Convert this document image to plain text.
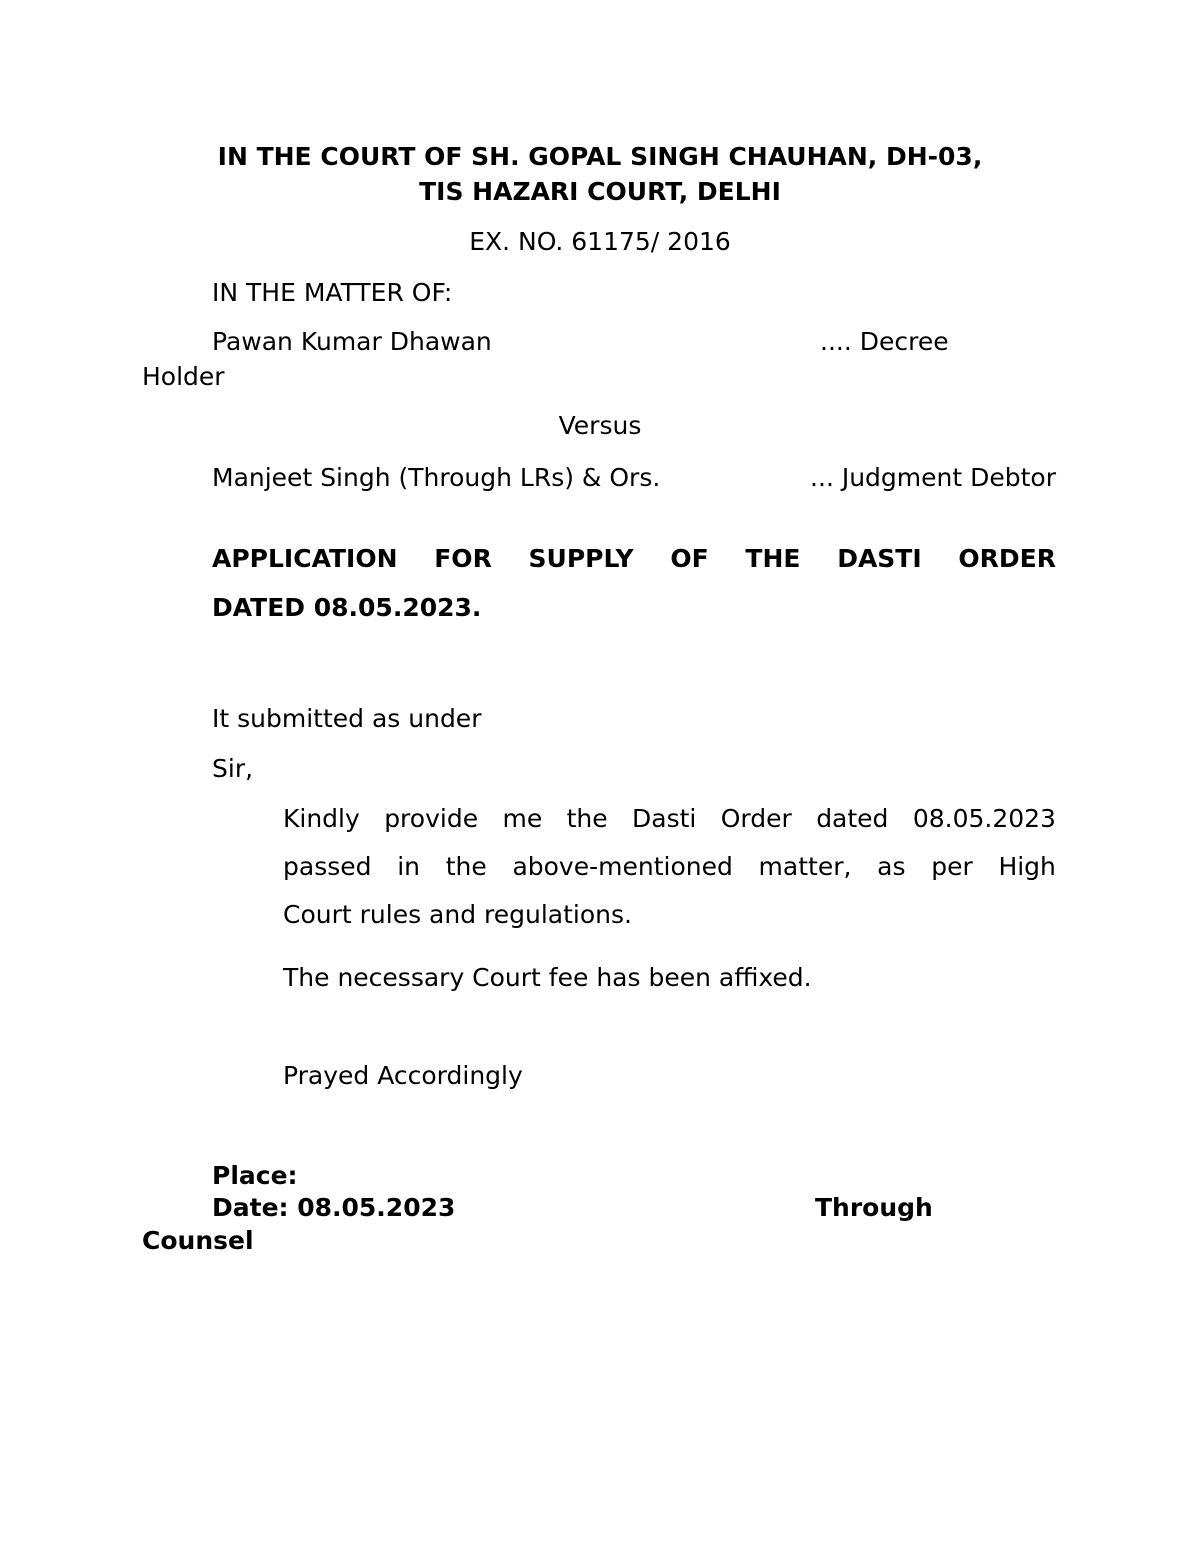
IN THE COURT OF SH. GOPAL SINGH CHAUHAN, DH-03,
TIS HAZARI COURT, DELHI
EX. NO. 61175/ 2016
IN THE MATTER OF:
Pawan Kumar Dhawan	.... Decree
Holder
Versus
Manjeet Singh (Through LRs) & Ors.	... Judgment Debtor
APPLICATION FOR SUPPLY OF THE DASTI ORDER
DATED 08.05.2023.
It submitted as under
Sir,
Kindly provide me the Dasti Order dated 08.05.2023
passed in the above-mentioned matter, as per High
Court rules and regulations.
The necessary Court fee has been affixed.
Prayed Accordingly
Place:
Date: 08.05.2023	Through
Counsel
